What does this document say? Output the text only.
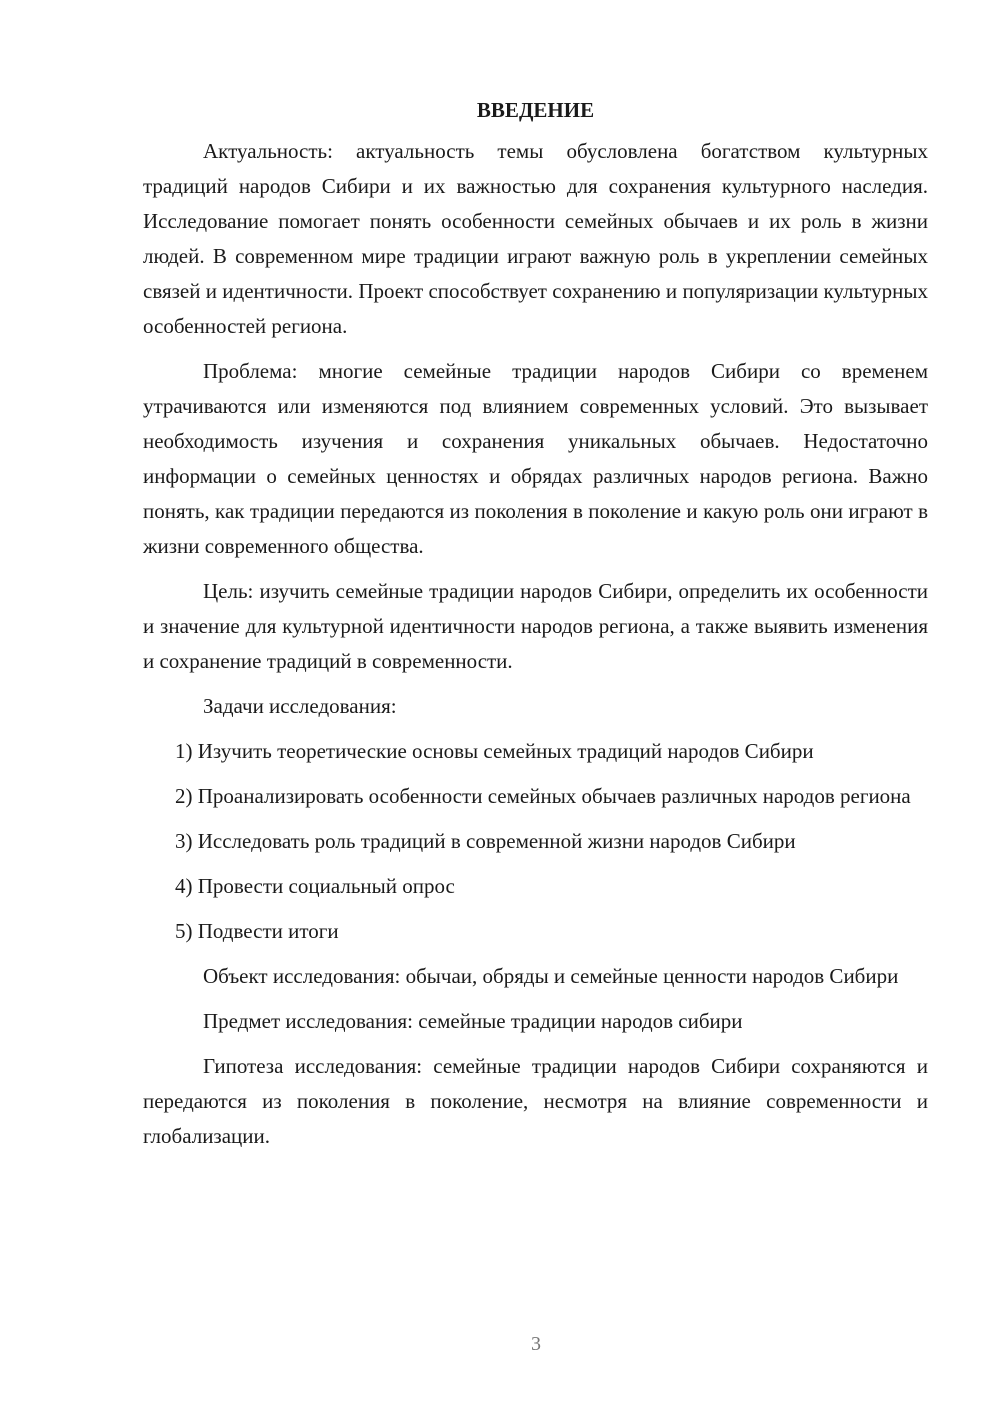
ВВЕДЕНИЕ

Актуальность: актуальность темы обусловлена богатством культурных традиций народов Сибири и их важностью для сохранения культурного наследия. Исследование помогает понять особенности семейных обычаев и их роль в жизни людей. В современном мире традиции играют важную роль в укреплении семейных связей и идентичности. Проект способствует сохранению и популяризации культурных особенностей региона.

Проблема: многие семейные традиции народов Сибири со временем утрачиваются или изменяются под влиянием современных условий. Это вызывает необходимость изучения и сохранения уникальных обычаев. Недостаточно информации о семейных ценностях и обрядах различных народов региона. Важно понять, как традиции передаются из поколения в поколение и какую роль они играют в жизни современного общества.

Цель: изучить семейные традиции народов Сибири, определить их особенности и значение для культурной идентичности народов региона, а также выявить изменения и сохранение традиций в современности.

Задачи исследования:

1) Изучить теоретические основы семейных традиций народов Сибири

2) Проанализировать особенности семейных обычаев различных народов региона

3) Исследовать роль традиций в современной жизни народов Сибири

4) Провести социальный опрос

5) Подвести итоги

Объект исследования: обычаи, обряды и семейные ценности народов Сибири

Предмет исследования: семейные традиции народов сибири

Гипотеза исследования: семейные традиции народов Сибири сохраняются и передаются из поколения в поколение, несмотря на влияние современности и глобализации.

3
